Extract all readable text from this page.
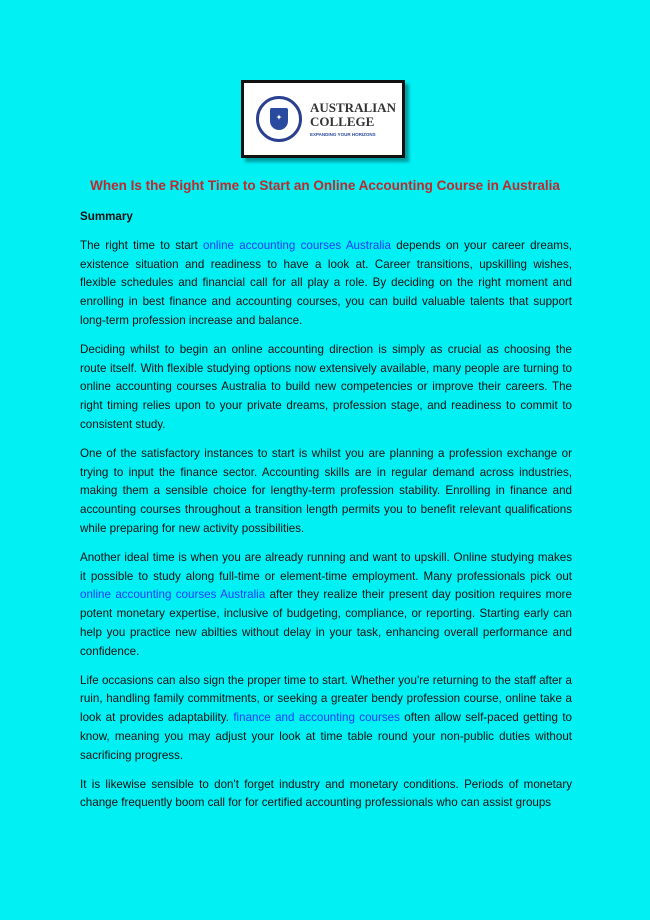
✦
AUSTRALIAN
COLLEGE
EXPANDING YOUR HORIZONS
When Is the Right Time to Start an Online Accounting Course in Australia
Summary

The right time to start online accounting courses Australia depends on your career dreams, existence situation and readiness to have a look at. Career transitions, upskilling wishes, flexible schedules and financial call for all play a role. By deciding on the right moment and enrolling in best finance and accounting courses, you can build valuable talents that support long-term profession increase and balance.

Deciding whilst to begin an online accounting direction is simply as crucial as choosing the route itself. With flexible studying options now extensively available, many people are turning to online accounting courses Australia to build new competencies or improve their careers. The right timing relies upon to your private dreams, profession stage, and readiness to commit to consistent study.

One of the satisfactory instances to start is whilst you are planning a profession exchange or trying to input the finance sector. Accounting skills are in regular demand across industries, making them a sensible choice for lengthy-term profession stability. Enrolling in finance and accounting courses throughout a transition length permits you to benefit relevant qualifications while preparing for new activity possibilities.

Another ideal time is when you are already running and want to upskill. Online studying makes it possible to study along full-time or element-time employment. Many professionals pick out online accounting courses Australia after they realize their present day position requires more potent monetary expertise, inclusive of budgeting, compliance, or reporting. Starting early can help you practice new abilties without delay in your task, enhancing overall performance and confidence.

Life occasions can also sign the proper time to start. Whether you're returning to the staff after a ruin, handling family commitments, or seeking a greater bendy profession course, online take a look at provides adaptability. finance and accounting courses often allow self-paced getting to know, meaning you may adjust your look at time table round your non-public duties without sacrificing progress.

It is likewise sensible to don't forget industry and monetary conditions. Periods of monetary change frequently boom call for for certified accounting professionals who can assist groups
